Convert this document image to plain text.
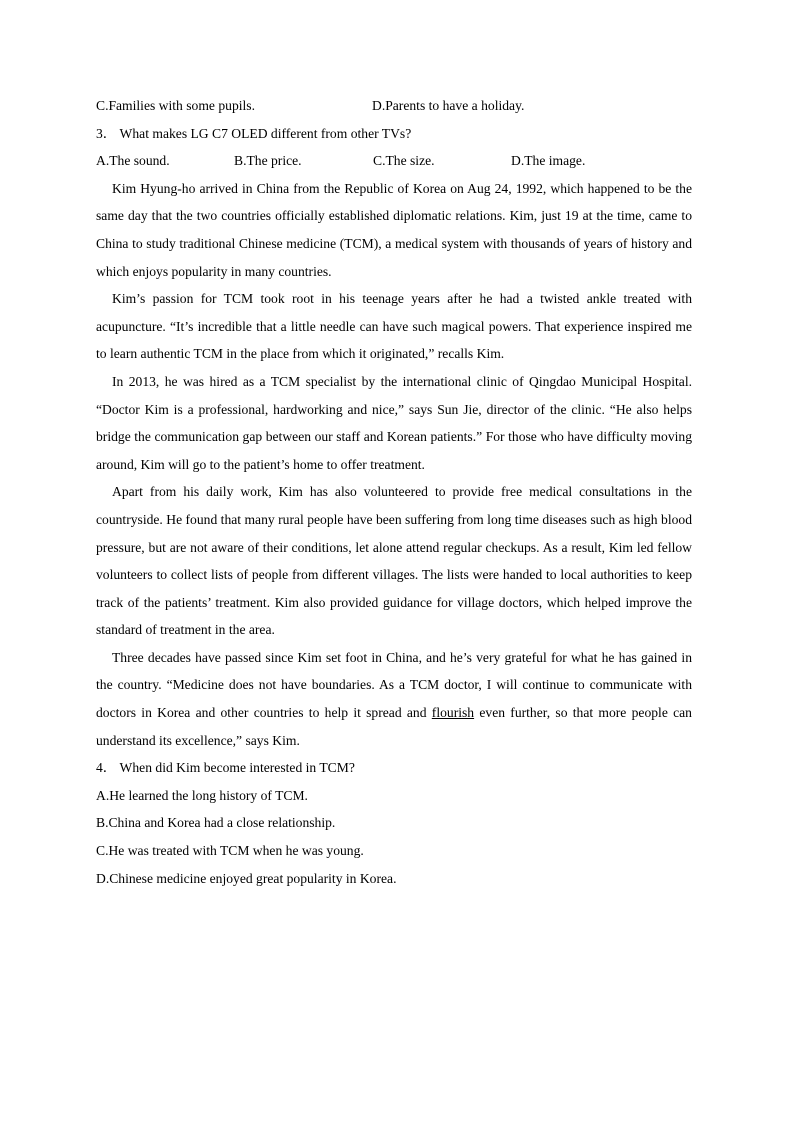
C.Families with some pupils.	D.Parents to have a holiday.
3． What makes LG C7 OLED different from other TVs?
A.The sound.	B.The price.	C.The size.	D.The image.

Kim Hyung-ho arrived in China from the Republic of Korea on Aug 24, 1992, which happened to be the same day that the two countries officially established diplomatic relations. Kim, just 19 at the time, came to China to study traditional Chinese medicine (TCM), a medical system with thousands of years of history and which enjoys popularity in many countries.

Kim’s passion for TCM took root in his teenage years after he had a twisted ankle treated with acupuncture. “It’s incredible that a little needle can have such magical powers. That experience inspired me to learn authentic TCM in the place from which it originated,” recalls Kim.

In 2013, he was hired as a TCM specialist by the international clinic of Qingdao Municipal Hospital. “Doctor Kim is a professional, hardworking and nice,” says Sun Jie, director of the clinic. “He also helps bridge the communication gap between our staff and Korean patients.” For those who have difficulty moving around, Kim will go to the patient’s home to offer treatment.

Apart from his daily work, Kim has also volunteered to provide free medical consultations in the countryside. He found that many rural people have been suffering from long time diseases such as high blood pressure, but are not aware of their conditions, let alone attend regular checkups. As a result, Kim led fellow volunteers to collect lists of people from different villages. The lists were handed to local authorities to keep track of the patients’ treatment. Kim also provided guidance for village doctors, which helped improve the standard of treatment in the area.

Three decades have passed since Kim set foot in China, and he’s very grateful for what he has gained in the country. “Medicine does not have boundaries. As a TCM doctor, I will continue to communicate with doctors in Korea and other countries to help it spread and flourish even further, so that more people can understand its excellence,” says Kim.

4． When did Kim become interested in TCM?
A.He learned the long history of TCM.
B.China and Korea had a close relationship.
C.He was treated with TCM when he was young.
D.Chinese medicine enjoyed great popularity in Korea.
